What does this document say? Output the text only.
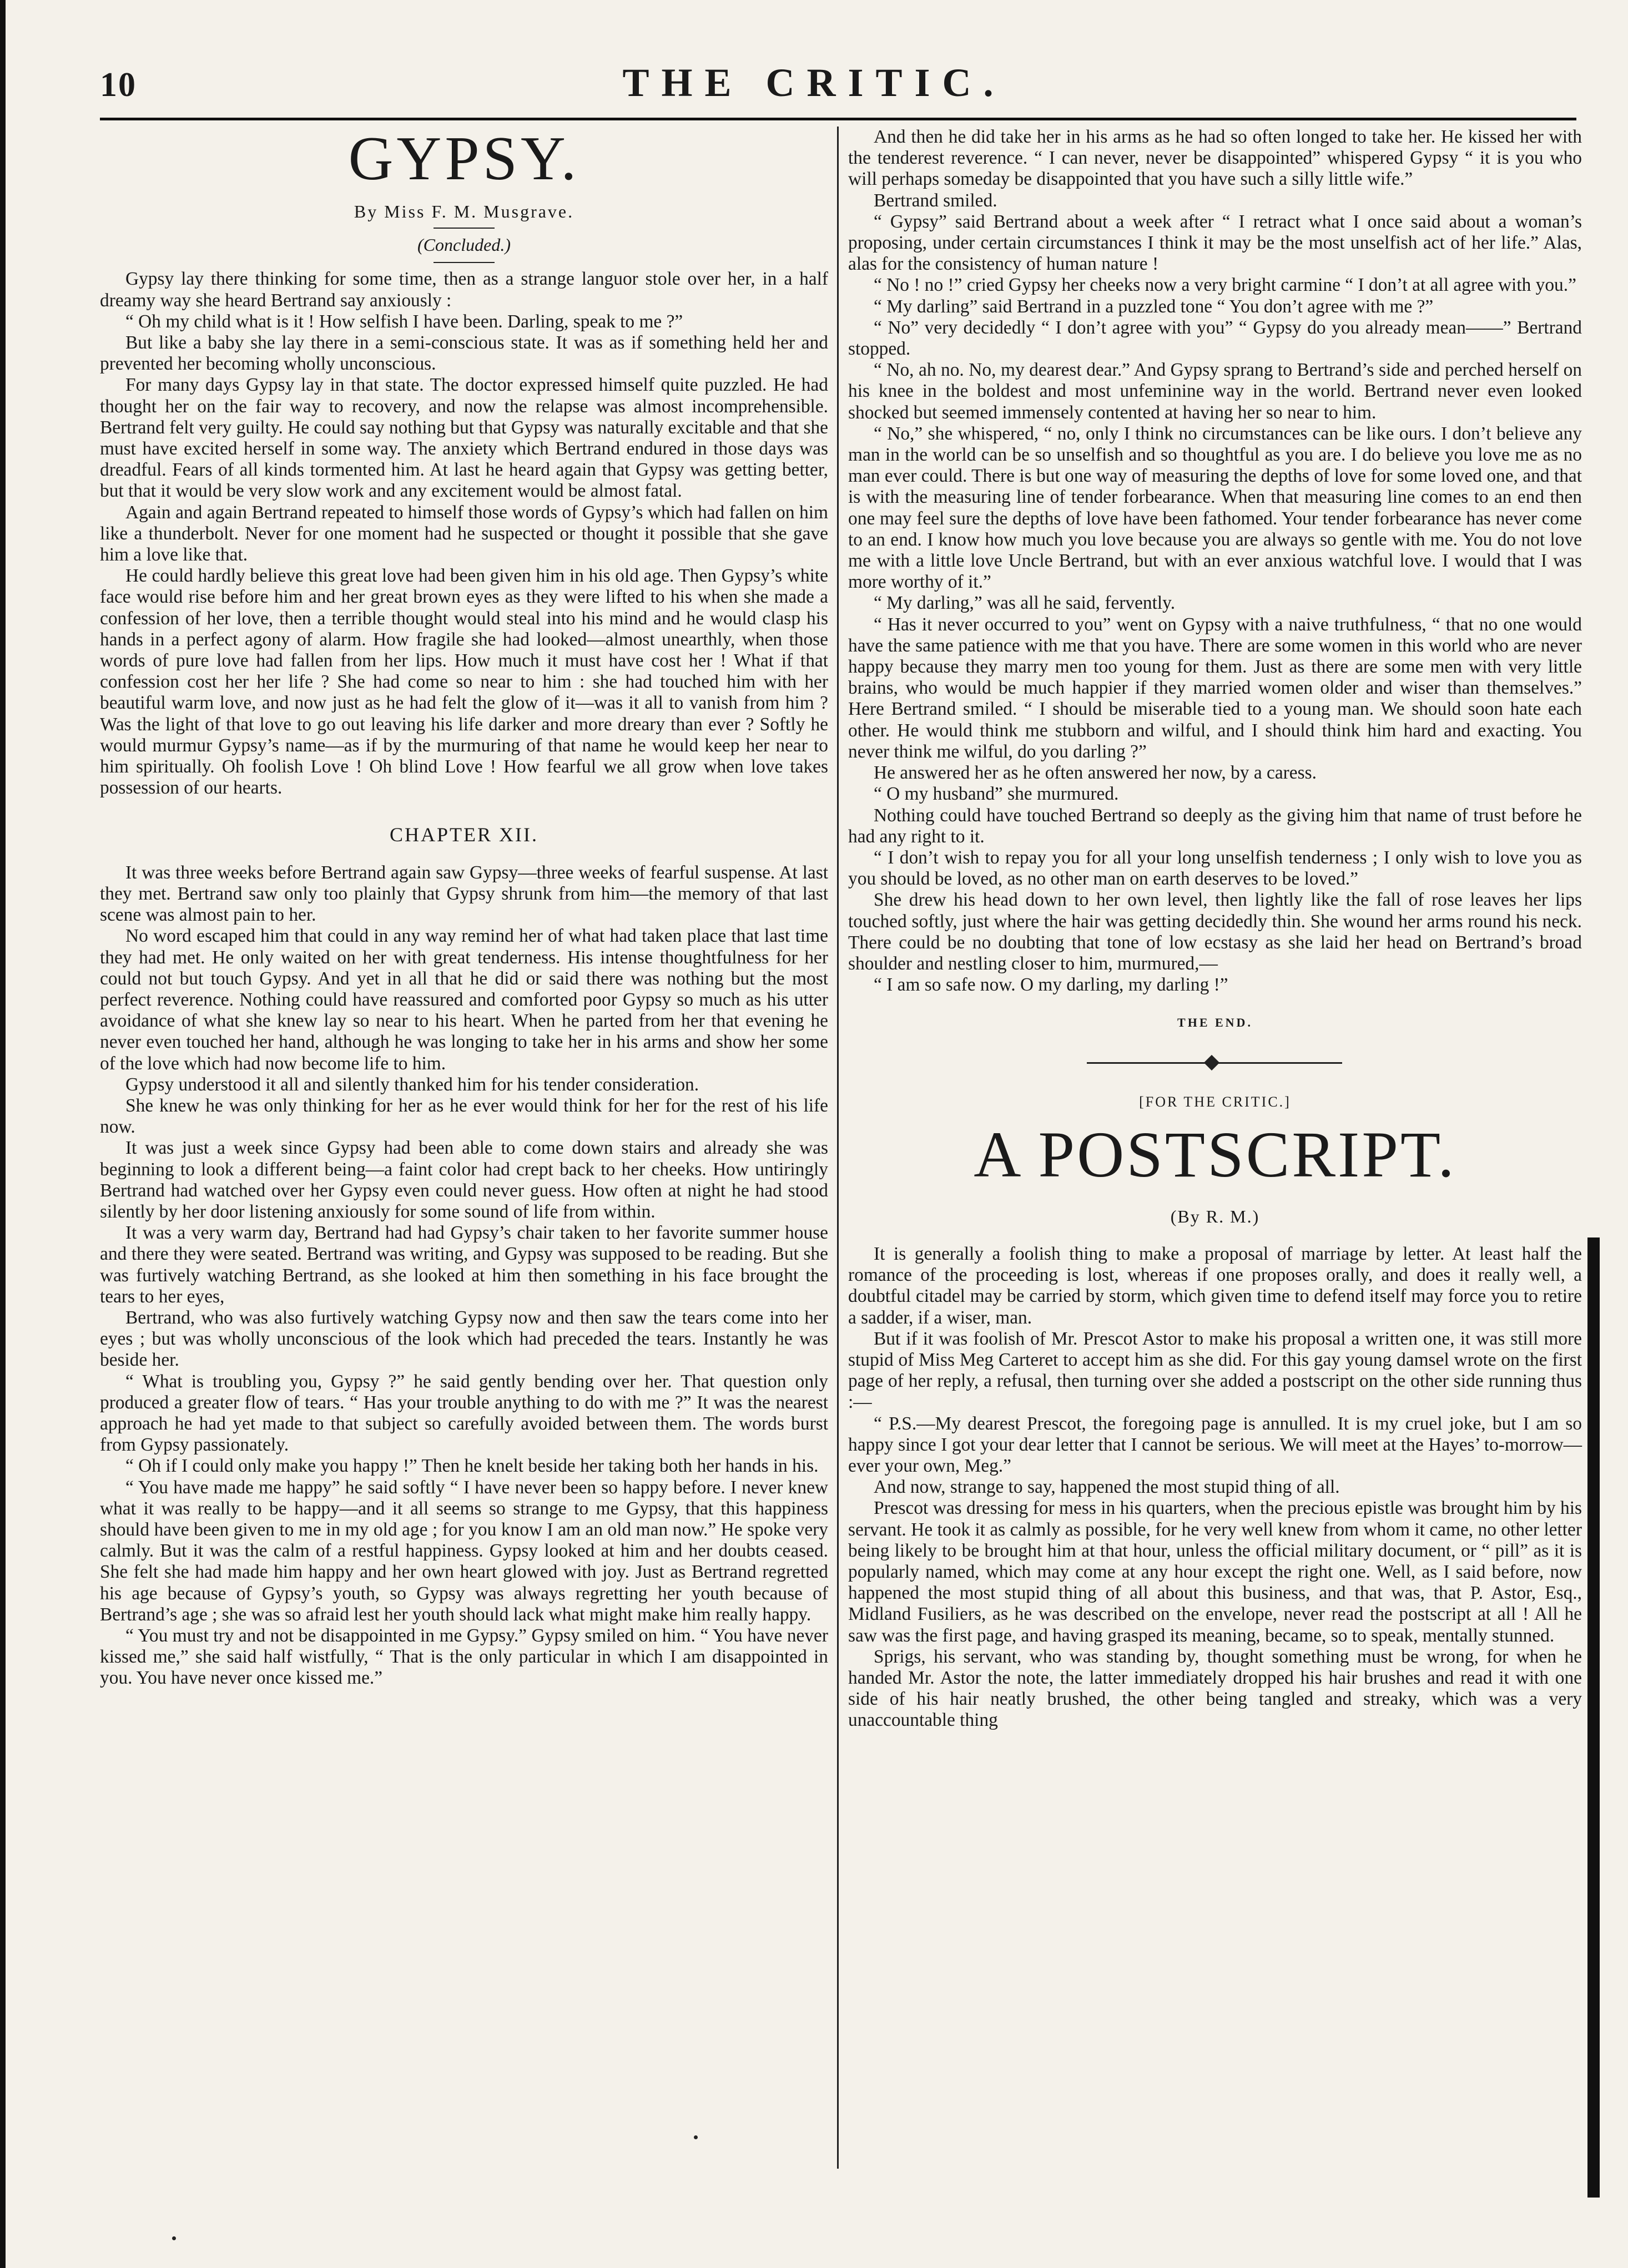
10	THE CRITIC.
GYPSY.
By Miss F. M. Musgrave.
(Concluded.)

Gypsy lay there thinking for some time, then as a strange languor stole over her, in a half dreamy way she heard Bertrand say anxiously :

“ Oh my child what is it ! How selfish I have been. Darling, speak to me ?”

But like a baby she lay there in a semi-conscious state. It was as if something held her and prevented her becoming wholly unconscious.

For many days Gypsy lay in that state. The doctor expressed himself quite puzzled. He had thought her on the fair way to recovery, and now the relapse was almost incomprehensible. Bertrand felt very guilty. He could say nothing but that Gypsy was naturally excitable and that she must have excited herself in some way. The anxiety which Bertrand endured in those days was dreadful. Fears of all kinds tormented him. At last he heard again that Gypsy was getting better, but that it would be very slow work and any excitement would be almost fatal.

Again and again Bertrand repeated to himself those words of Gypsy’s which had fallen on him like a thunderbolt. Never for one moment had he suspected or thought it possible that she gave him a love like that.

He could hardly believe this great love had been given him in his old age. Then Gypsy’s white face would rise before him and her great brown eyes as they were lifted to his when she made a confession of her love, then a terrible thought would steal into his mind and he would clasp his hands in a perfect agony of alarm. How fragile she had looked—almost unearthly, when those words of pure love had fallen from her lips. How much it must have cost her ! What if that confession cost her her life ? She had come so near to him : she had touched him with her beautiful warm love, and now just as he had felt the glow of it—was it all to vanish from him ? Was the light of that love to go out leaving his life darker and more dreary than ever ? Softly he would murmur Gypsy’s name—as if by the murmuring of that name he would keep her near to him spiritually. Oh foolish Love ! Oh blind Love ! How fearful we all grow when love takes possession of our hearts.

CHAPTER XII.

It was three weeks before Bertrand again saw Gypsy—three weeks of fearful suspense. At last they met. Bertrand saw only too plainly that Gypsy shrunk from him—the memory of that last scene was almost pain to her.

No word escaped him that could in any way remind her of what had taken place that last time they had met. He only waited on her with great tenderness. His intense thoughtfulness for her could not but touch Gypsy. And yet in all that he did or said there was nothing but the most perfect reverence. Nothing could have reassured and comforted poor Gypsy so much as his utter avoidance of what she knew lay so near to his heart. When he parted from her that evening he never even touched her hand, although he was longing to take her in his arms and show her some of the love which had now become life to him.

Gypsy understood it all and silently thanked him for his tender consideration.

She knew he was only thinking for her as he ever would think for her for the rest of his life now.

It was just a week since Gypsy had been able to come down stairs and already she was beginning to look a different being—a faint color had crept back to her cheeks. How untiringly Bertrand had watched over her Gypsy even could never guess. How often at night he had stood silently by her door listening anxiously for some sound of life from within.

It was a very warm day, Bertrand had had Gypsy’s chair taken to her favorite summer house and there they were seated. Bertrand was writing, and Gypsy was supposed to be reading. But she was furtively watching Bertrand, as she looked at him then something in his face brought the tears to her eyes,

Bertrand, who was also furtively watching Gypsy now and then saw the tears come into her eyes ; but was wholly unconscious of the look which had preceded the tears. Instantly he was beside her.

“ What is troubling you, Gypsy ?” he said gently bending over her. That question only produced a greater flow of tears. “ Has your trouble anything to do with me ?” It was the nearest approach he had yet made to that subject so carefully avoided between them. The words burst from Gypsy passionately.

“ Oh if I could only make you happy !” Then he knelt beside her taking both her hands in his.

“ You have made me happy” he said softly “ I have never been so happy before. I never knew what it was really to be happy—and it all seems so strange to me Gypsy, that this happiness should have been given to me in my old age ; for you know I am an old man now.” He spoke very calmly. But it was the calm of a restful happiness. Gypsy looked at him and her doubts ceased. She felt she had made him happy and her own heart glowed with joy. Just as Bertrand regretted his age because of Gypsy’s youth, so Gypsy was always regretting her youth because of Bertrand’s age ; she was so afraid lest her youth should lack what might make him really happy.

“ You must try and not be disappointed in me Gypsy.” Gypsy smiled on him. “ You have never kissed me,” she said half wistfully, “ That is the only particular in which I am disappointed in you. You have never once kissed me.”

And then he did take her in his arms as he had so often longed to take her. He kissed her with the tenderest reverence. “ I can never, never be disappointed” whispered Gypsy “ it is you who will perhaps someday be disappointed that you have such a silly little wife.”

Bertrand smiled.

“ Gypsy” said Bertrand about a week after “ I retract what I once said about a woman’s proposing, under certain circumstances I think it may be the most unselfish act of her life.” Alas, alas for the consistency of human nature !

“ No ! no !” cried Gypsy her cheeks now a very bright carmine “ I don’t at all agree with you.”

“ My darling” said Bertrand in a puzzled tone “ You don’t agree with me ?”

“ No” very decidedly “ I don’t agree with you” “ Gypsy do you already mean——” Bertrand stopped.

“ No, ah no. No, my dearest dear.” And Gypsy sprang to Bertrand’s side and perched herself on his knee in the boldest and most unfeminine way in the world. Bertrand never even looked shocked but seemed immensely contented at having her so near to him.

“ No,” she whispered, “ no, only I think no circumstances can be like ours. I don’t believe any man in the world can be so unselfish and so thoughtful as you are. I do believe you love me as no man ever could. There is but one way of measuring the depths of love for some loved one, and that is with the measuring line of tender forbearance. When that measuring line comes to an end then one may feel sure the depths of love have been fathomed. Your tender forbearance has never come to an end. I know how much you love because you are always so gentle with me. You do not love me with a little love Uncle Bertrand, but with an ever anxious watchful love. I would that I was more worthy of it.”

“ My darling,” was all he said, fervently.

“ Has it never occurred to you” went on Gypsy with a naive truthfulness, “ that no one would have the same patience with me that you have. There are some women in this world who are never happy because they marry men too young for them. Just as there are some men with very little brains, who would be much happier if they married women older and wiser than themselves.” Here Bertrand smiled. “ I should be miserable tied to a young man. We should soon hate each other. He would think me stubborn and wilful, and I should think him hard and exacting. You never think me wilful, do you darling ?”

He answered her as he often answered her now, by a caress.

“ O my husband” she murmured.

Nothing could have touched Bertrand so deeply as the giving him that name of trust before he had any right to it.

“ I don’t wish to repay you for all your long unselfish tenderness ; I only wish to love you as you should be loved, as no other man on earth deserves to be loved.”

She drew his head down to her own level, then lightly like the fall of rose leaves her lips touched softly, just where the hair was getting decidedly thin. She wound her arms round his neck. There could be no doubting that tone of low ecstasy as she laid her head on Bertrand’s broad shoulder and nestling closer to him, murmured,—

“ I am so safe now. O my darling, my darling !”

THE END.
[FOR THE CRITIC.]
A POSTSCRIPT.
(By R. M.)

It is generally a foolish thing to make a proposal of marriage by letter. At least half the romance of the proceeding is lost, whereas if one proposes orally, and does it really well, a doubtful citadel may be carried by storm, which given time to defend itself may force you to retire a sadder, if a wiser, man.

But if it was foolish of Mr. Prescot Astor to make his proposal a written one, it was still more stupid of Miss Meg Carteret to accept him as she did. For this gay young damsel wrote on the first page of her reply, a refusal, then turning over she added a postscript on the other side running thus :—

“ P.S.—My dearest Prescot, the foregoing page is annulled. It is my cruel joke, but I am so happy since I got your dear letter that I cannot be serious. We will meet at the Hayes’ to-morrow—ever your own, Meg.”

And now, strange to say, happened the most stupid thing of all.

Prescot was dressing for mess in his quarters, when the precious epistle was brought him by his servant. He took it as calmly as possible, for he very well knew from whom it came, no other letter being likely to be brought him at that hour, unless the official military document, or “ pill” as it is popularly named, which may come at any hour except the right one. Well, as I said before, now happened the most stupid thing of all about this business, and that was, that P. Astor, Esq., Midland Fusiliers, as he was described on the envelope, never read the postscript at all ! All he saw was the first page, and having grasped its meaning, became, so to speak, mentally stunned.

Sprigs, his servant, who was standing by, thought something must be wrong, for when he handed Mr. Astor the note, the latter immediately dropped his hair brushes and read it with one side of his hair neatly brushed, the other being tangled and streaky, which was a very unaccountable thing
